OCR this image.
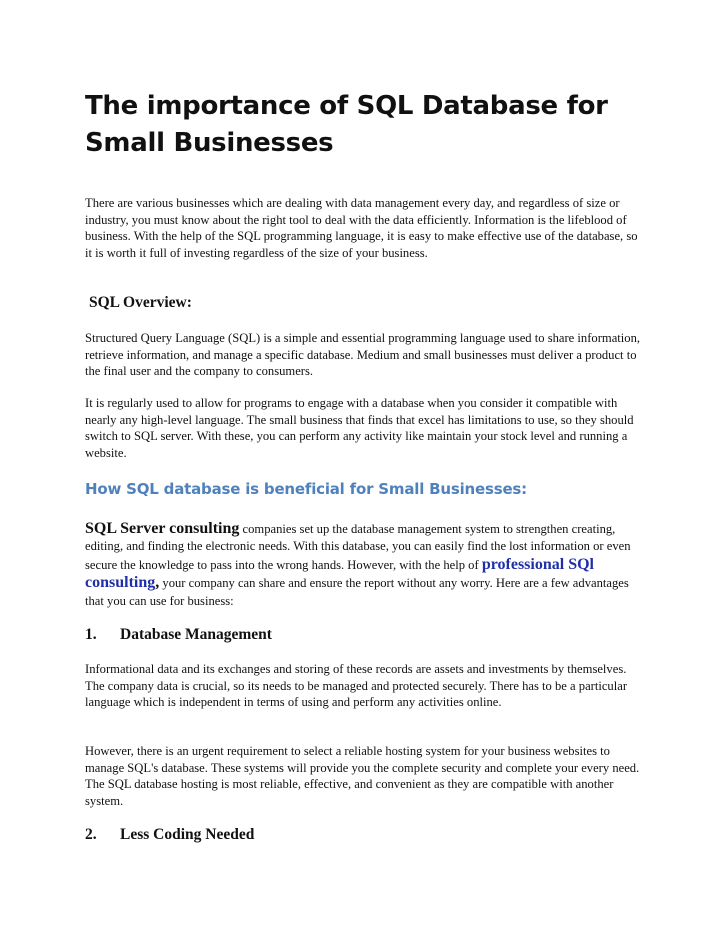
The importance of SQL Database for
Small Businesses

There are various businesses which are dealing with data management every day, and regardless of size or industry, you must know about the right tool to deal with the data efficiently. Information is the lifeblood of business. With the help of the SQL programming language, it is easy to make effective use of the database, so it is worth it full of investing regardless of the size of your business.

SQL Overview:

Structured Query Language (SQL) is a simple and essential programming language used to share information, retrieve information, and manage a specific database. Medium and small businesses must deliver a product to the final user and the company to consumers.

It is regularly used to allow for programs to engage with a database when you consider it compatible with nearly any high-level language. The small business that finds that excel has limitations to use, so they should switch to SQL server. With these, you can perform any activity like maintain your stock level and running a website.

How SQL database is beneficial for Small Businesses:

SQL Server consulting companies set up the database management system to strengthen creating, editing, and finding the electronic needs. With this database, you can easily find the lost information or even secure the knowledge to pass into the wrong hands. However, with the help of professional SQl consulting, your company can share and ensure the report without any worry. Here are a few advantages that you can use for business:

1. Database Management

Informational data and its exchanges and storing of these records are assets and investments by themselves. The company data is crucial, so its needs to be managed and protected securely. There has to be a particular language which is independent in terms of using and perform any activities online.

However, there is an urgent requirement to select a reliable hosting system for your business websites to manage SQL's database. These systems will provide you the complete security and complete your every need. The SQL database hosting is most reliable, effective, and convenient as they are compatible with another system.

2. Less Coding Needed
